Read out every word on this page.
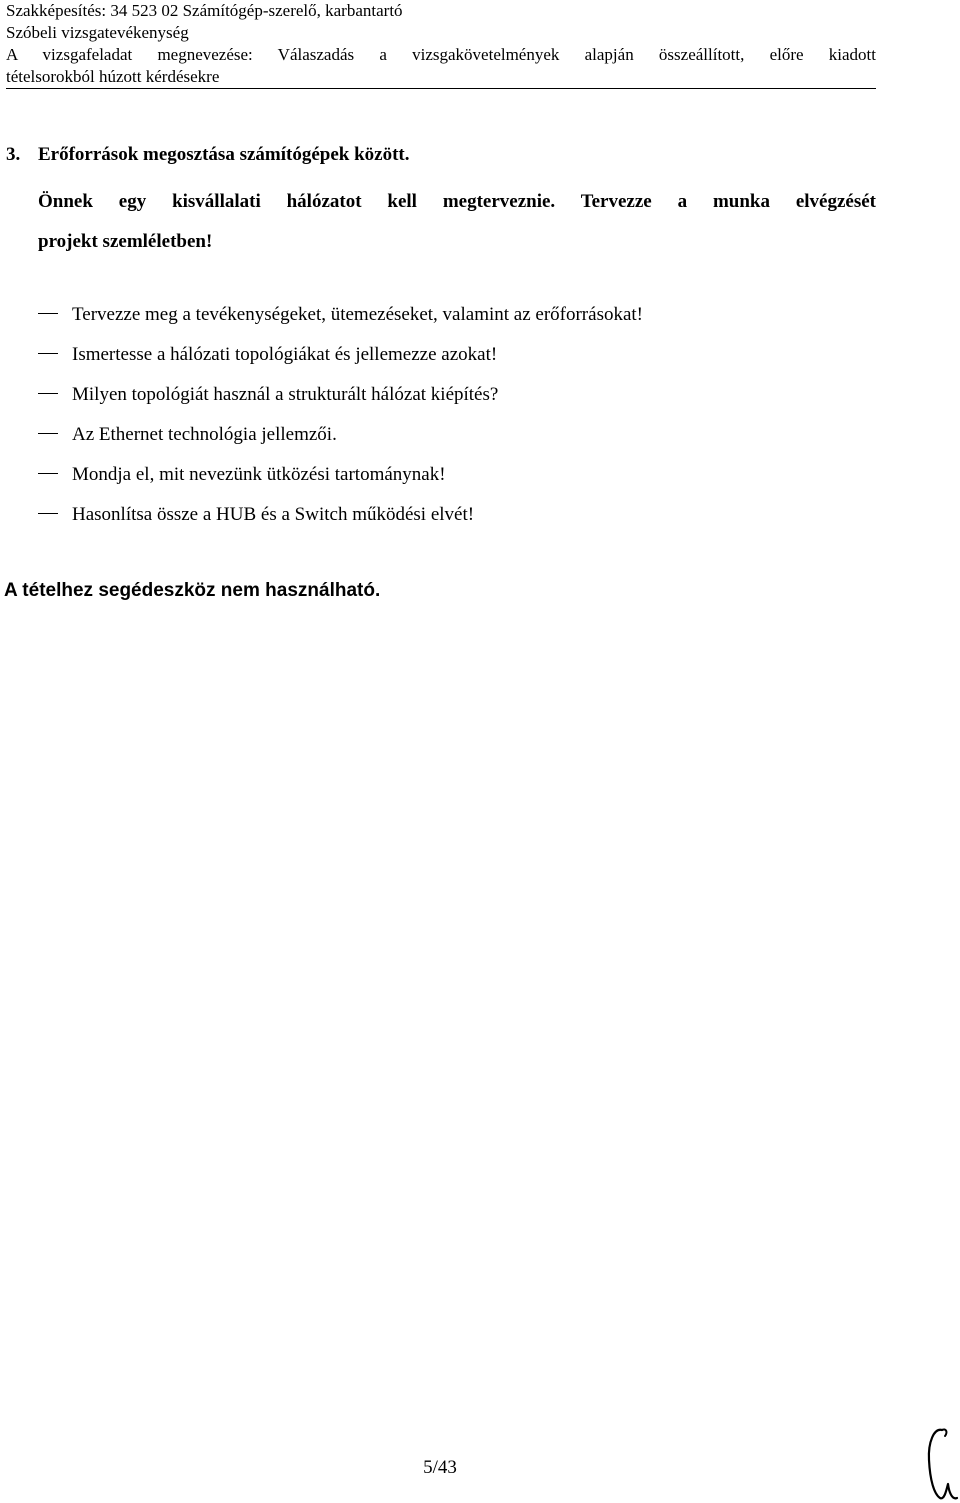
Szakképesítés: 34 523 02 Számítógép-szerelő, karbantartó
Szóbeli vizsgatevékenység
A vizsgafeladat megnevezése: Válaszadás a vizsgakövetelmények alapján összeállított, előre kiadott
tételsorokból húzott kérdésekre
3. Erőforrások megosztása számítógépek között.
Önnek egy kisvállalati hálózatot kell megterveznie. Tervezze a munka elvégzését
projekt szemléletben!
Tervezze meg a tevékenységeket, ütemezéseket, valamint az erőforrásokat!
Ismertesse a hálózati topológiákat és jellemezze azokat!
Milyen topológiát használ a strukturált hálózat kiépítés?
Az Ethernet technológia jellemzői.
Mondja el, mit nevezünk ütközési tartománynak!
Hasonlítsa össze a HUB és a Switch működési elvét!
A tételhez segédeszköz nem használható.
5/43
